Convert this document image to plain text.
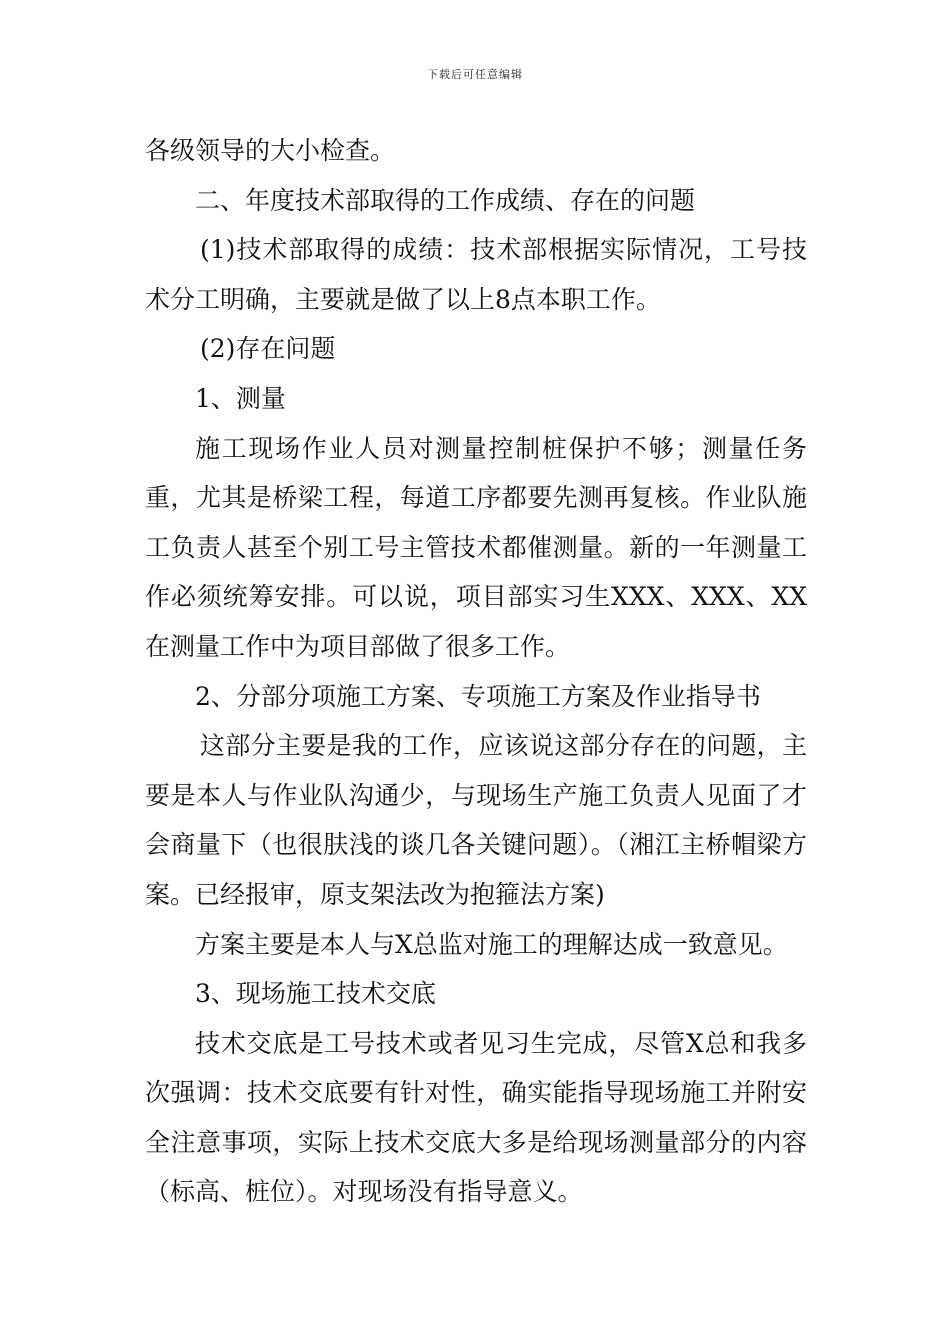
下载后可任意编辑

各级领导的大小检查。

二、年度技术部取得的工作成绩、存在的问题

(1)技术部取得的成绩：技术部根据实际情况，工号技术分工明确，主要就是做了以上8点本职工作。

(2)存在问题

1、测量

施工现场作业人员对测量控制桩保护不够；测量任务重，尤其是桥梁工程，每道工序都要先测再复核。作业队施工负责人甚至个别工号主管技术都催测量。新的一年测量工作必须统筹安排。可以说，项目部实习生XXX、XXX、XX在测量工作中为项目部做了很多工作。

2、分部分项施工方案、专项施工方案及作业指导书

这部分主要是我的工作，应该说这部分存在的问题，主要是本人与作业队沟通少，与现场生产施工负责人见面了才会商量下（也很肤浅的谈几各关键问题）。（湘江主桥帽梁方案。已经报审，原支架法改为抱箍法方案)

方案主要是本人与X总监对施工的理解达成一致意见。

3、现场施工技术交底

技术交底是工号技术或者见习生完成，尽管X总和我多次强调：技术交底要有针对性，确实能指导现场施工并附安全注意事项，实际上技术交底大多是给现场测量部分的内容（标高、桩位）。对现场没有指导意义。
